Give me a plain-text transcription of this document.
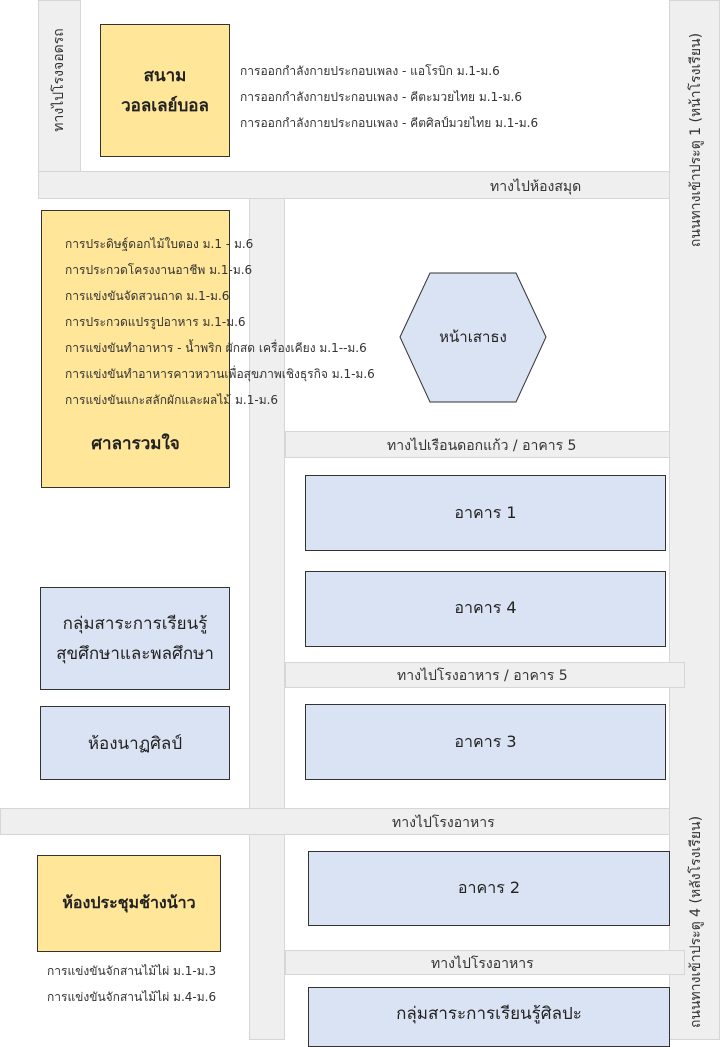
ทางไปโรงจอดรถ	ถนนทางเข้าประตู 1 (หน้าโรงเรียน)
ถนนทางเข้าประตู 4 (หลังโรงเรียน)
ทางไปห้องสมุด
ทางไปเรือนดอกแก้ว / อาคาร 5
ทางไปโรงอาหาร / อาคาร 5
ทางไปโรงอาหาร
ทางไปโรงอาหาร
สนาม
วอลเลย์บอล
การออกกำลังกายประกอบเพลง - แอโรบิก ม.1-ม.6
การออกกำลังกายประกอบเพลง - คีตะมวยไทย ม.1-ม.6
การออกกำลังกายประกอบเพลง - คีตศิลป์มวยไทย ม.1-ม.6
การประดิษฐ์ดอกไม้ใบตอง ม.1 - ม.6
การประกวดโครงงานอาชีพ ม.1-ม.6
การแข่งขันจัดสวนถาด ม.1-ม.6
การประกวดแปรรูปอาหาร ม.1-ม.6
การแข่งขันทำอาหาร - น้ำพริก ผักสด เครื่องเคียง ม.1--ม.6
การแข่งขันทำอาหารคาวหวานเพื่อสุขภาพเชิงธุรกิจ ม.1-ม.6
การแข่งขันแกะสลักผักและผลไม้ ม.1-ม.6
ศาลารวมใจ
หน้าเสาธง
อาคาร 1
อาคาร 4
อาคาร 3
อาคาร 2
กลุ่มสาระการเรียนรู้ศิลปะ
กลุ่มสาระการเรียนรู้
สุขศึกษาและพลศึกษา
ห้องนาฏศิลป์
ห้องประชุมช้างน้าว
การแข่งขันจักสานไม้ไผ่ ม.1-ม.3
การแข่งขันจักสานไม้ไผ่ ม.4-ม.6
